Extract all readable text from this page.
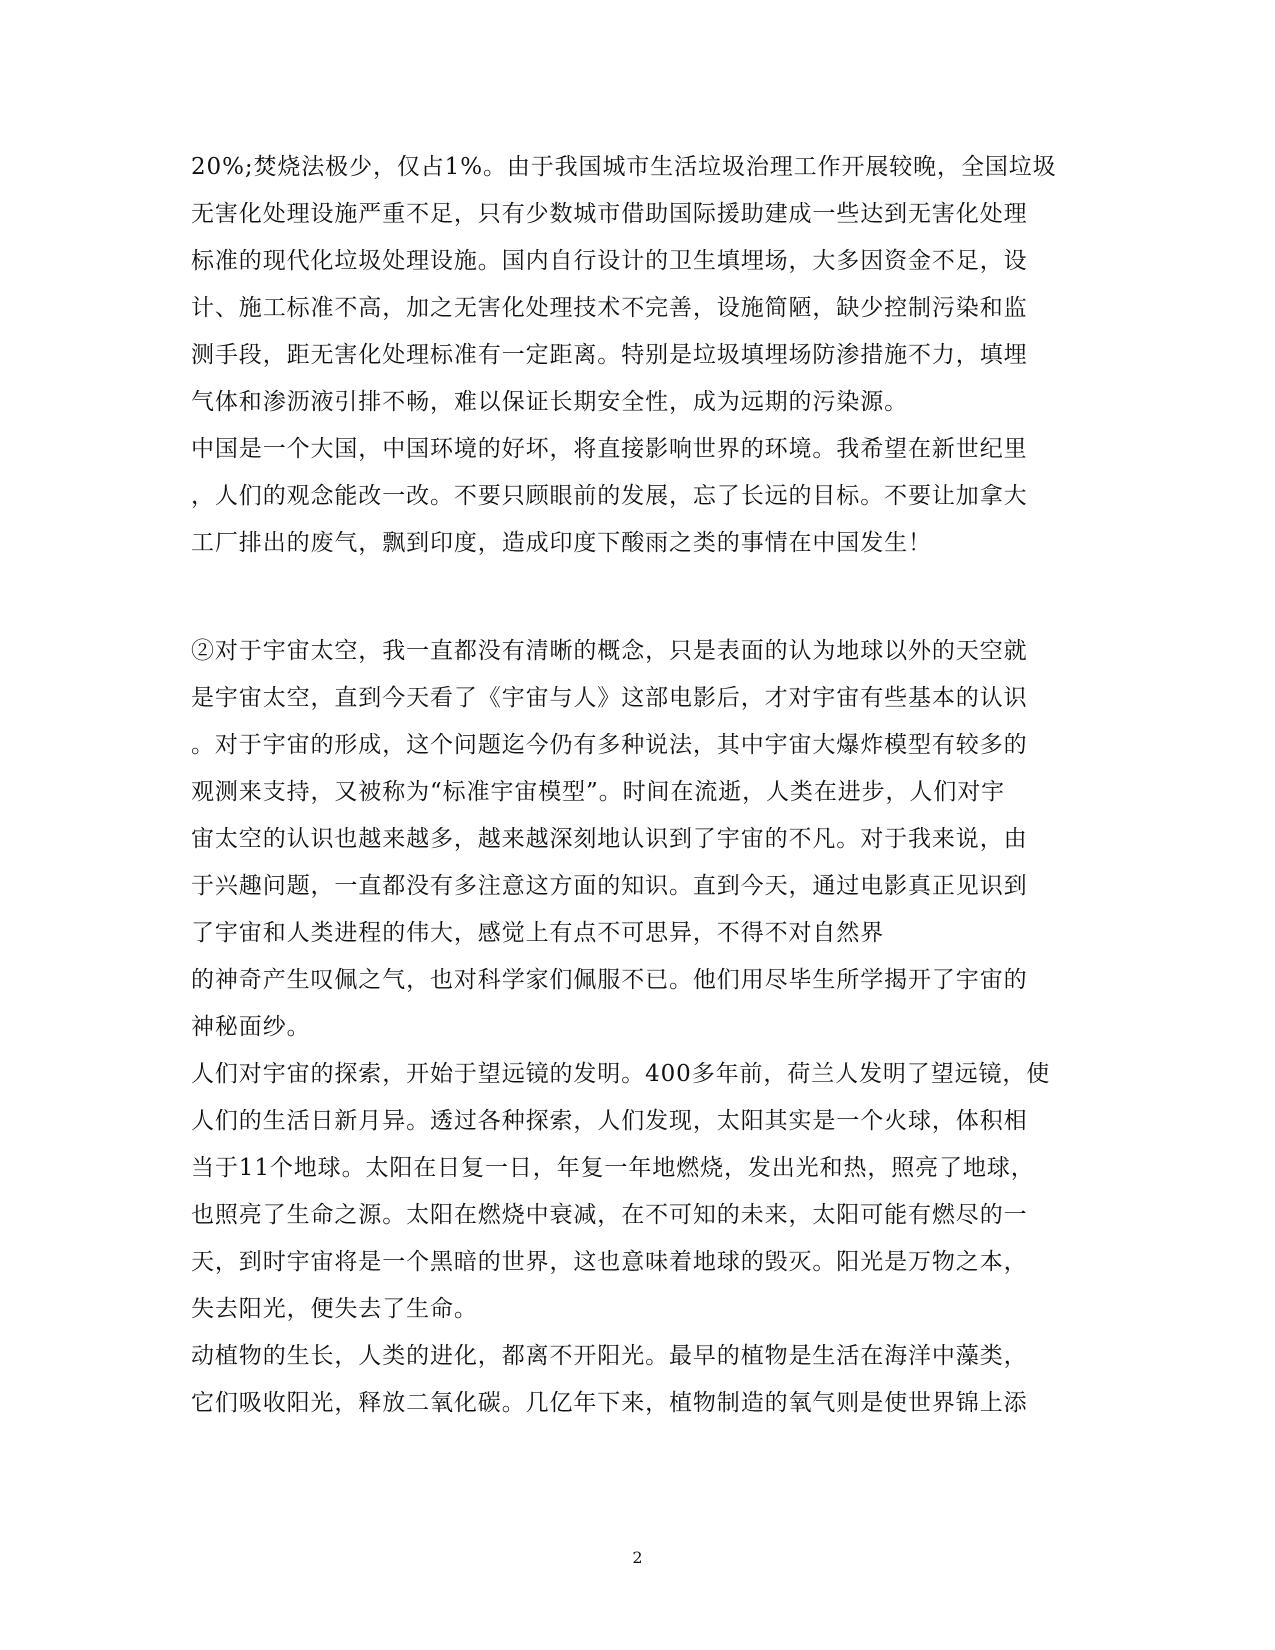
20%;焚烧法极少，仅占1%。由于我国城市生活垃圾治理工作开展较晚，全国垃圾
无害化处理设施严重不足，只有少数城市借助国际援助建成一些达到无害化处理
标准的现代化垃圾处理设施。国内自行设计的卫生填埋场，大多因资金不足，设
计、施工标准不高，加之无害化处理技术不完善，设施简陋，缺少控制污染和监
测手段，距无害化处理标准有一定距离。特别是垃圾填埋场防渗措施不力，填埋
气体和渗沥液引排不畅，难以保证长期安全性，成为远期的污染源。
中国是一个大国，中国环境的好坏，将直接影响世界的环境。我希望在新世纪里
，人们的观念能改一改。不要只顾眼前的发展，忘了长远的目标。不要让加拿大
工厂排出的废气，飘到印度，造成印度下酸雨之类的事情在中国发生！
②对于宇宙太空，我一直都没有清晰的概念，只是表面的认为地球以外的天空就
是宇宙太空，直到今天看了《宇宙与人》这部电影后，才对宇宙有些基本的认识
。对于宇宙的形成，这个问题迄今仍有多种说法，其中宇宙大爆炸模型有较多的
观测来支持，又被称为“标准宇宙模型”。时间在流逝，人类在进步，人们对宇
宙太空的认识也越来越多，越来越深刻地认识到了宇宙的不凡。对于我来说，由
于兴趣问题，一直都没有多注意这方面的知识。直到今天，通过电影真正见识到
了宇宙和人类进程的伟大，感觉上有点不可思异，不得不对自然界
的神奇产生叹佩之气，也对科学家们佩服不已。他们用尽毕生所学揭开了宇宙的
神秘面纱。
人们对宇宙的探索，开始于望远镜的发明。400多年前，荷兰人发明了望远镜，使
人们的生活日新月异。透过各种探索，人们发现，太阳其实是一个火球，体积相
当于11个地球。太阳在日复一日，年复一年地燃烧，发出光和热，照亮了地球，
也照亮了生命之源。太阳在燃烧中衰减，在不可知的未来，太阳可能有燃尽的一
天，到时宇宙将是一个黑暗的世界，这也意味着地球的毁灭。阳光是万物之本，
失去阳光，便失去了生命。
动植物的生长，人类的进化，都离不开阳光。最早的植物是生活在海洋中藻类，
它们吸收阳光，释放二氧化碳。几亿年下来，植物制造的氧气则是使世界锦上添
2
